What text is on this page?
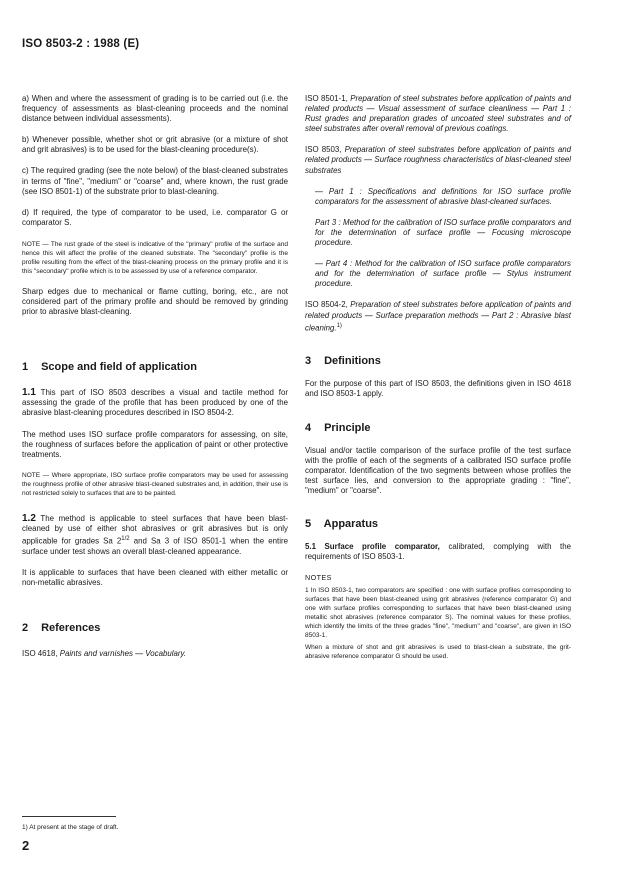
ISO 8503-2 : 1988 (E)

a) When and where the assessment of grading is to be carried out (i.e. the frequency of assessments as blast-cleaning proceeds and the nominal distance between individual assessments).

b) Whenever possible, whether shot or grit abrasive (or a mixture of shot and grit abrasives) is to be used for the blast-cleaning procedure(s).

c) The required grading (see the note below) of the blast-cleaned substrates in terms of "fine", "medium" or "coarse" and, where known, the rust grade (see ISO 8501-1) of the substrate prior to blast-cleaning.

d) If required, the type of comparator to be used, i.e. comparator G or comparator S.

NOTE — The rust grade of the steel is indicative of the "primary" profile of the surface and hence this will affect the profile of the cleaned substrate. The "secondary" profile is the profile resulting from the effect of the blast-cleaning process on the primary profile and it is this "secondary" profile which is to be assessed by use of a reference comparator.

Sharp edges due to mechanical or flame cutting, boring, etc., are not considered part of the primary profile and should be removed by grinding prior to abrasive blast-cleaning.

1 Scope and field of application

1.1 This part of ISO 8503 describes a visual and tactile method for assessing the grade of the profile that has been produced by one of the abrasive blast-cleaning procedures described in ISO 8504-2.

The method uses ISO surface profile comparators for assessing, on site, the roughness of surfaces before the application of paint or other protective treatments.

NOTE — Where appropriate, ISO surface profile comparators may be used for assessing the roughness profile of other abrasive blast-cleaned substrates and, in addition, their use is not restricted solely to surfaces that are to be painted.

1.2 The method is applicable to steel surfaces that have been blast-cleaned by use of either shot abrasives or grit abrasives but is only applicable for grades Sa $2^{1/2}$ and Sa 3 of ISO 8501-1 when the entire surface under test shows an overall blast-cleaned appearance.

It is applicable to surfaces that have been cleaned with either metallic or non-metallic abrasives.

2 References

ISO 4618, Paints and varnishes — Vocabulary.

ISO 8501-1, Preparation of steel substrates before application of paints and related products — Visual assessment of surface cleanliness — Part 1 : Rust grades and preparation grades of uncoated steel substrates and of steel substrates after overall removal of previous coatings.

ISO 8503, Preparation of steel substrates before application of paints and related products — Surface roughness characteristics of blast-cleaned steel substrates

— Part 1 : Specifications and definitions for ISO surface profile comparators for the assessment of abrasive blast-cleaned surfaces.

Part 3 : Method for the calibration of ISO surface profile comparators and for the determination of surface profile — Focusing microscope procedure.

— Part 4 : Method for the calibration of ISO surface profile comparators and for the determination of surface profile — Stylus instrument procedure.

ISO 8504-2, Preparation of steel substrates before application of paints and related products — Surface preparation methods — Part 2 : Abrasive blast cleaning.$^{1)}$

3 Definitions

For the purpose of this part of ISO 8503, the definitions given in ISO 4618 and ISO 8503-1 apply.

4 Principle

Visual and/or tactile comparison of the surface profile of the test surface with the profile of each of the segments of a calibrated ISO surface profile comparator. Identification of the two segments between whose profiles the test surface lies, and conversion to the appropriate grading : "fine", "medium" or "coarse".

5 Apparatus

5.1 Surface profile comparator, calibrated, complying with the requirements of ISO 8503-1.

NOTES

1 In ISO 8503-1, two comparators are specified : one with surface profiles corresponding to surfaces that have been blast-cleaned using grit abrasives (reference comparator G) and one with surface profiles corresponding to surfaces that have been blast-cleaned using metallic shot abrasives (reference comparator S). The nominal values for these profiles, which identify the limits of the three grades "fine", "medium" and "coarse", are given in ISO 8503-1.

When a mixture of shot and grit abrasives is used to blast-clean a substrate, the grit-abrasive reference comparator G should be used.

1) At present at the stage of draft.
2
